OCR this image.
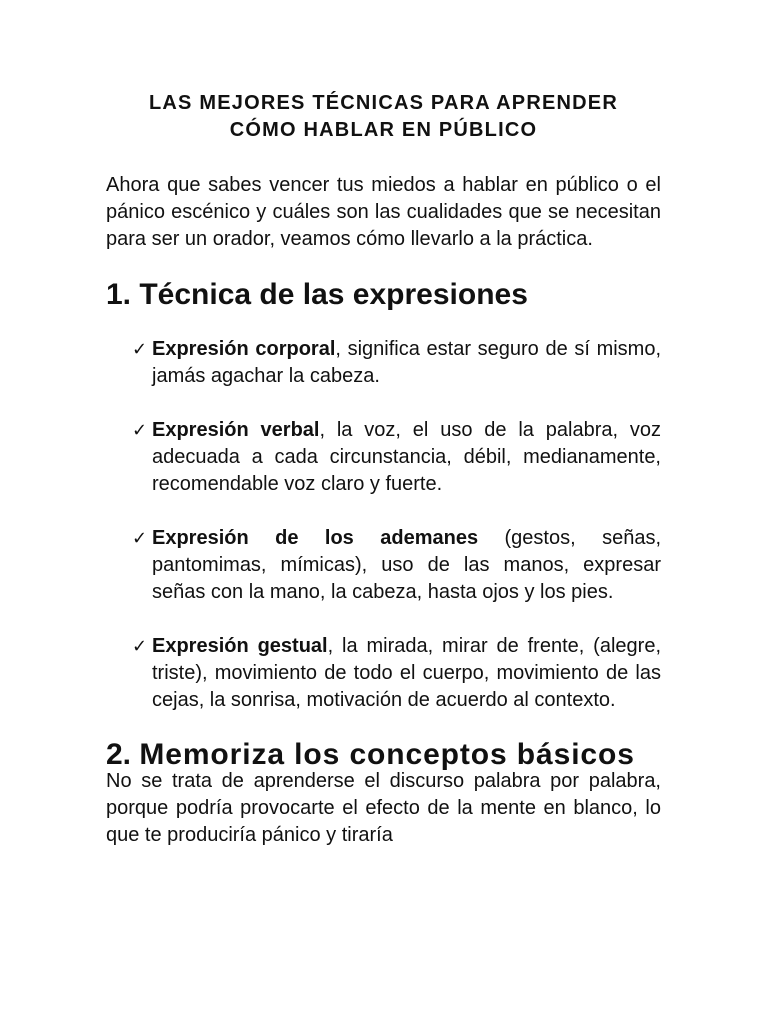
LAS MEJORES TÉCNICAS PARA APRENDER
CÓMO HABLAR EN PÚBLICO

Ahora que sabes vencer tus miedos a hablar en público o el pánico escénico y cuáles son las cualidades que se necesitan para ser un orador, veamos cómo llevarlo a la práctica.

1. Técnica de las expresiones
✓ Expresión corporal, significa estar seguro de sí mismo, jamás agachar la cabeza.
✓ Expresión verbal, la voz, el uso de la palabra, voz adecuada a cada circunstancia, débil, medianamente, recomendable voz claro y fuerte.
✓ Expresión de los ademanes (gestos, señas, pantomimas, mímicas), uso de las manos, expresar señas con la mano, la cabeza, hasta ojos y los pies.
✓ Expresión gestual, la mirada, mirar de frente, (alegre, triste), movimiento de todo el cuerpo, movimiento de las cejas, la sonrisa, motivación de acuerdo al contexto.
2. Memoriza los conceptos básicos

No se trata de aprenderse el discurso palabra por palabra, porque podría provocarte el efecto de la mente en blanco, lo que te produciría pánico y tiraría
